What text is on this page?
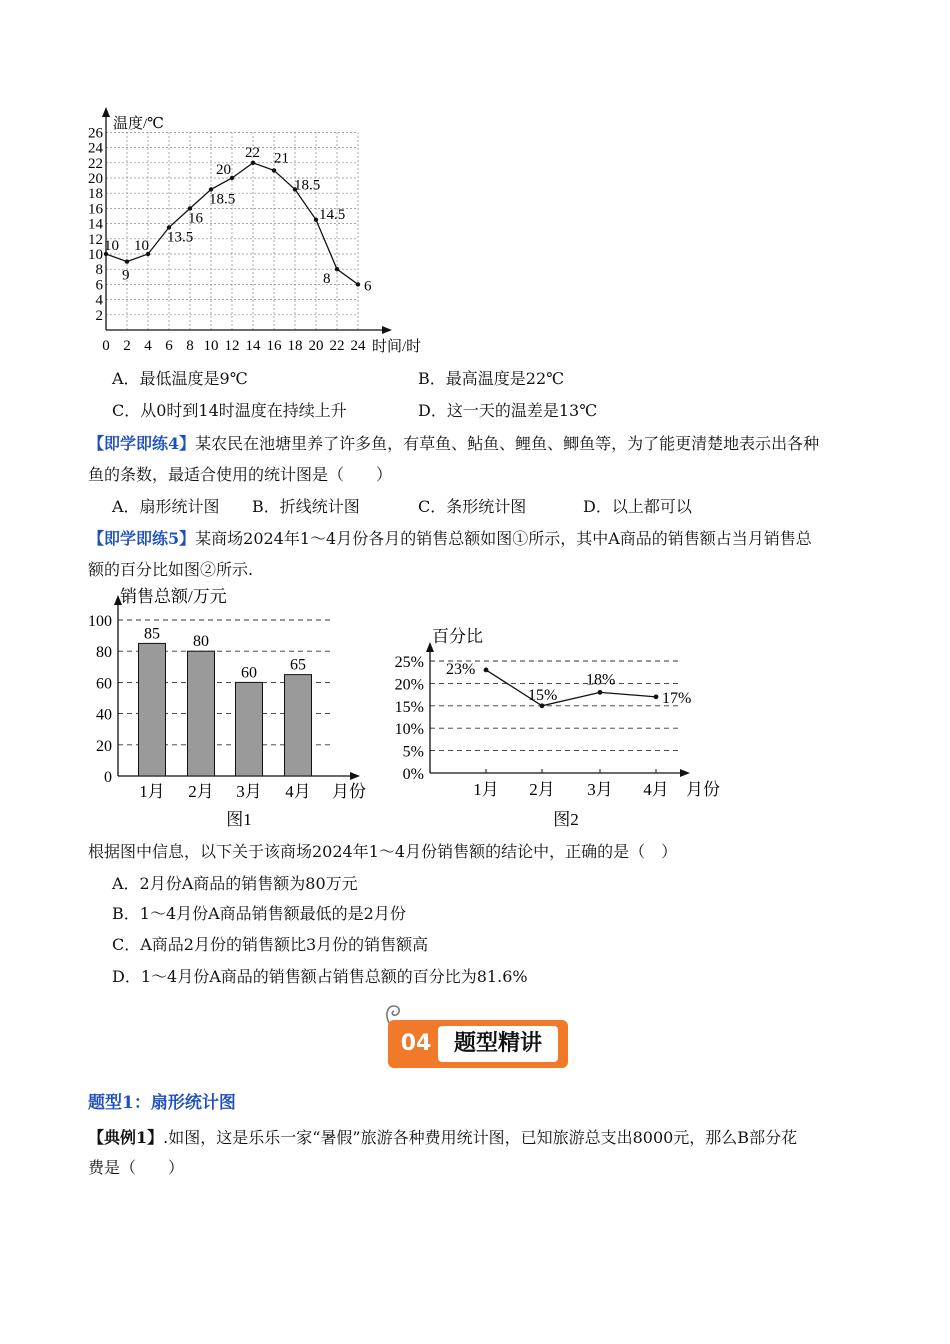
2
4
6
8
10
12
14
16
18
20
22
24
26
0 2 4 6 8 10 12 14 16 18 20 22 24
10
9
10
13.5
16
18.5
20
22 21
18.5
14.5
8 6
温度/℃
时间/时
A．最低温度是9℃	B．最高温度是22℃
C．从0时到14时温度在持续上升	D．这一天的温差是13℃
【即学即练4】某农民在池塘里养了许多鱼，有草鱼、鲇鱼、鲤鱼、鲫鱼等，为了能更清楚地表示出各种
鱼的条数，最适合使用的统计图是（　　）
A．扇形统计图 B．折线统计图	C．条形统计图	D．以上都可以
【即学即练5】某商场2024年1～4月份各月的销售总额如图①所示，其中A商品的销售额占当月销售总
额的百分比如图②所示.
85 80
60 65
1月 2月 3月 4月
0
20
40
60
80
100
销售总额/万元
月份
图1
0%
5%
10%
15%
20%
25%
1月 2月 3月 4月
23%
15%
18%
17%
百分比
月份
图2
根据图中信息，以下关于该商场2024年1～4月份销售额的结论中，正确的是（　）
A．2月份A商品的销售额为80万元
B．1～4月份A商品销售额最低的是2月份
C．A商品2月份的销售额比3月份的销售额高
D．1～4月份A商品的销售额占销售总额的百分比为81.6%
04	题型精讲
题型1：扇形统计图
【典例1】.如图，这是乐乐一家“暑假”旅游各种费用统计图，已知旅游总支出8000元，那么B部分花
费是（　　）
